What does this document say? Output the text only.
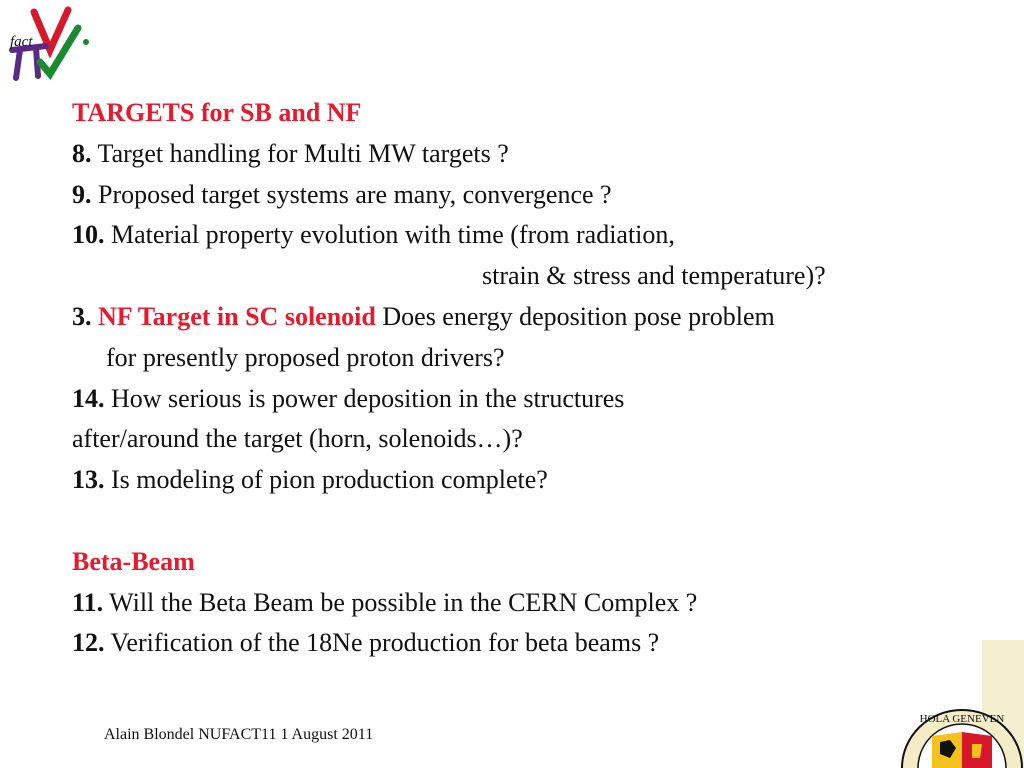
fact
TARGETS for SB and NF
8. Target handling for Multi MW targets ?
9. Proposed target systems are many, convergence ?
10. Material property evolution with time (from radiation,
strain & stress and temperature)?
3. NF Target in SC solenoid Does energy deposition pose problem
for presently proposed proton drivers?
14. How serious is power deposition in the structures
after/around the target (horn, solenoids…)?
13. Is modeling of pion production complete?
Beta-Beam
11. Will the Beta Beam be possible in the CERN Complex ?
12. Verification of the 18Ne production for beta beams ?
Alain Blondel NUFACT11 1 August 2011
HOLA GENEVEN
